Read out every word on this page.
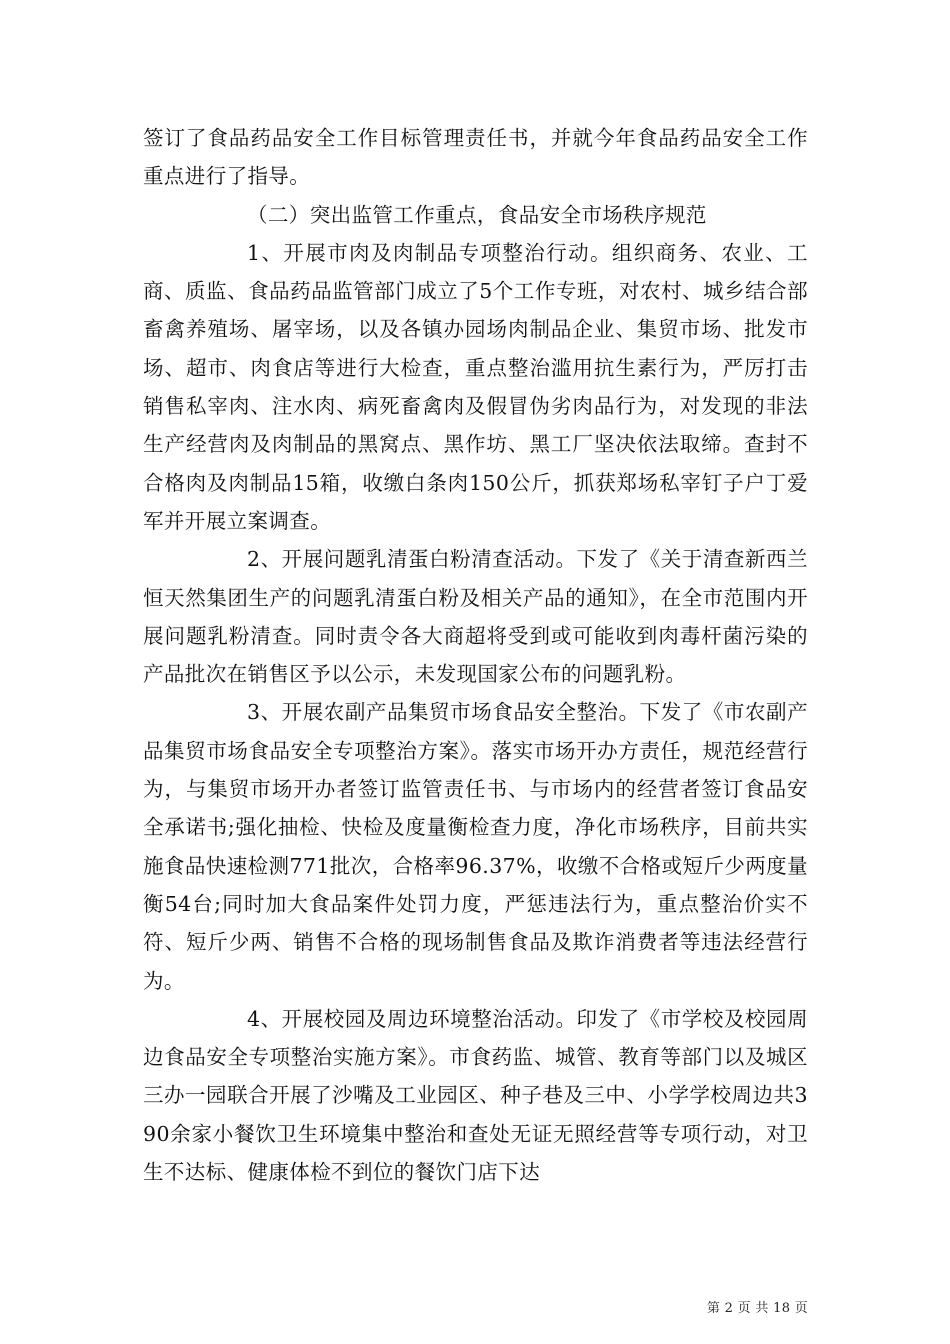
签订了食品药品安全工作目标管理责任书，并就今年食品药品安全工作重点进行了指导。

（二）突出监管工作重点，食品安全市场秩序规范

1、开展市肉及肉制品专项整治行动。组织商务、农业、工商、质监、食品药品监管部门成立了5个工作专班，对农村、城乡结合部畜禽养殖场、屠宰场，以及各镇办园场肉制品企业、集贸市场、批发市场、超市、肉食店等进行大检查，重点整治滥用抗生素行为，严厉打击销售私宰肉、注水肉、病死畜禽肉及假冒伪劣肉品行为，对发现的非法生产经营肉及肉制品的黑窝点、黑作坊、黑工厂坚决依法取缔。查封不合格肉及肉制品15箱，收缴白条肉150公斤，抓获郑场私宰钉子户丁爱军并开展立案调查。

2、开展问题乳清蛋白粉清查活动。下发了《关于清查新西兰恒天然集团生产的问题乳清蛋白粉及相关产品的通知》，在全市范围内开展问题乳粉清查。同时责令各大商超将受到或可能收到肉毒杆菌污染的产品批次在销售区予以公示，未发现国家公布的问题乳粉。

3、开展农副产品集贸市场食品安全整治。下发了《市农副产品集贸市场食品安全专项整治方案》。落实市场开办方责任，规范经营行为，与集贸市场开办者签订监管责任书、与市场内的经营者签订食品安全承诺书;强化抽检、快检及度量衡检查力度，净化市场秩序，目前共实施食品快速检测771批次，合格率96.37%，收缴不合格或短斤少两度量衡54台;同时加大食品案件处罚力度，严惩违法行为，重点整治价实不符、短斤少两、销售不合格的现场制售食品及欺诈消费者等违法经营行为。

4、开展校园及周边环境整治活动。印发了《市学校及校园周边食品安全专项整治实施方案》。市食药监、城管、教育等部门以及城区三办一园联合开展了沙嘴及工业园区、种子巷及三中、小学学校周边共390余家小餐饮卫生环境集中整治和查处无证无照经营等专项行动，对卫生不达标、健康体检不到位的餐饮门店下达

第 2 页 共 18 页
